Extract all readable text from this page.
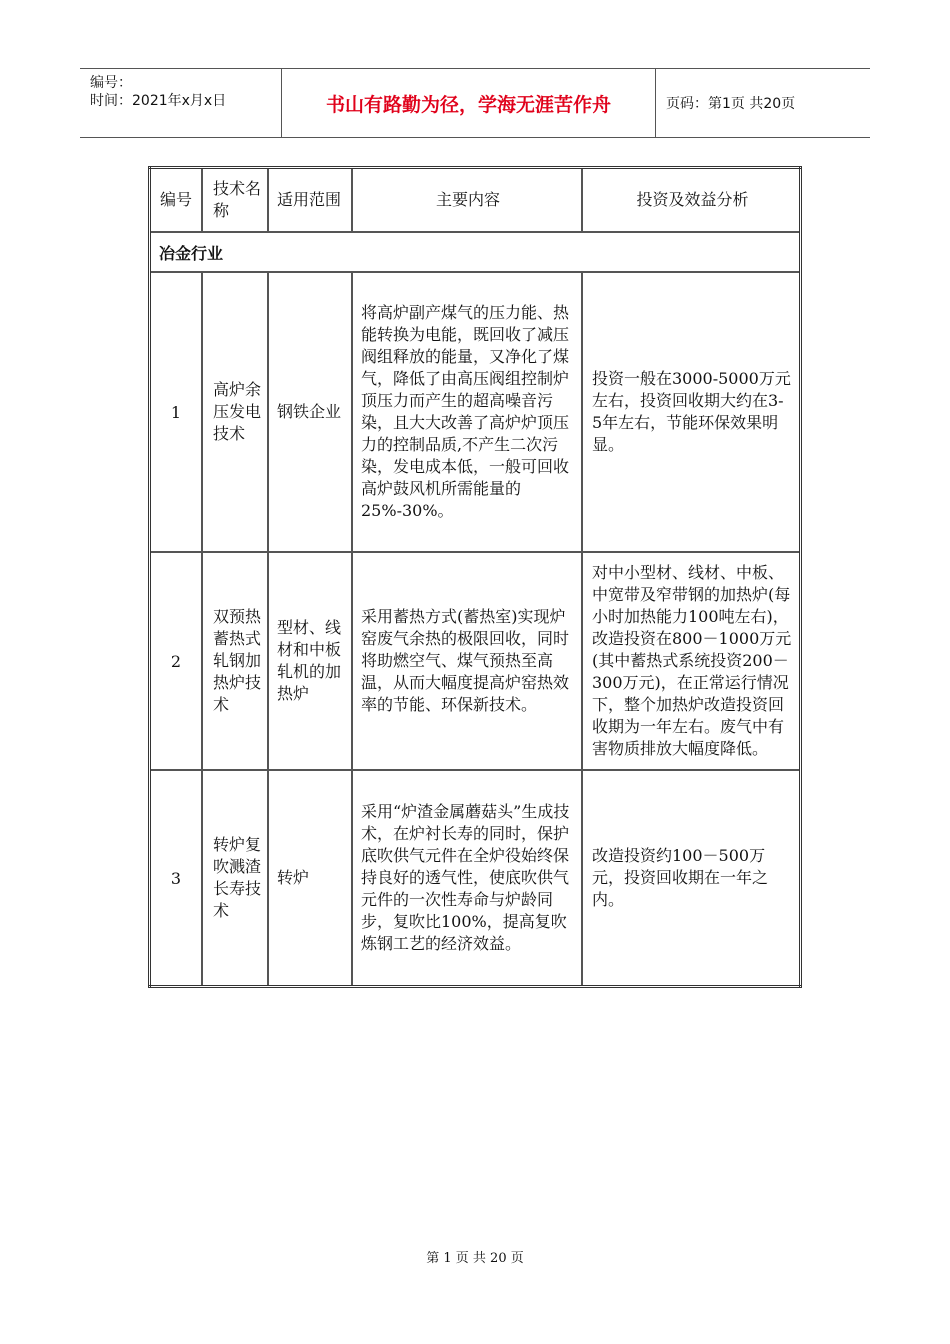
编号：
时间：2021年x月x日	书山有路勤为径，学海无涯苦作舟	页码：第1页 共20页
编号	技术名称	适用范围	主要内容	投资及效益分析
冶金行业				
1	高炉余压发电技术	钢铁企业	将高炉副产煤气的压力能、热能转换为电能，既回收了减压阀组释放的能量，又净化了煤气，降低了由高压阀组控制炉顶压力而产生的超高噪音污染，且大大改善了高炉炉顶压力的控制品质,不产生二次污染，发电成本低，一般可回收高炉鼓风机所需能量的25%-30%。	投资一般在3000-5000万元左右，投资回收期大约在3-5年左右，节能环保效果明显。
2	双预热蓄热式轧钢加热炉技术	型材、线材和中板轧机的加热炉	采用蓄热方式(蓄热室)实现炉窑废气余热的极限回收，同时将助燃空气、煤气预热至高温，从而大幅度提高炉窑热效率的节能、环保新技术。	对中小型材、线材、中板、中宽带及窄带钢的加热炉(每小时加热能力100吨左右)，改造投资在800－1000万元(其中蓄热式系统投资200－300万元)，在正常运行情况下，整个加热炉改造投资回收期为一年左右。废气中有害物质排放大幅度降低。
3	转炉复吹溅渣长寿技术	转炉	采用“炉渣金属蘑菇头”生成技术，在炉衬长寿的同时，保护底吹供气元件在全炉役始终保持良好的透气性，使底吹供气元件的一次性寿命与炉龄同步，复吹比100%，提高复吹炼钢工艺的经济效益。	改造投资约100－500万元，投资回收期在一年之内。
第 1 页 共 20 页
